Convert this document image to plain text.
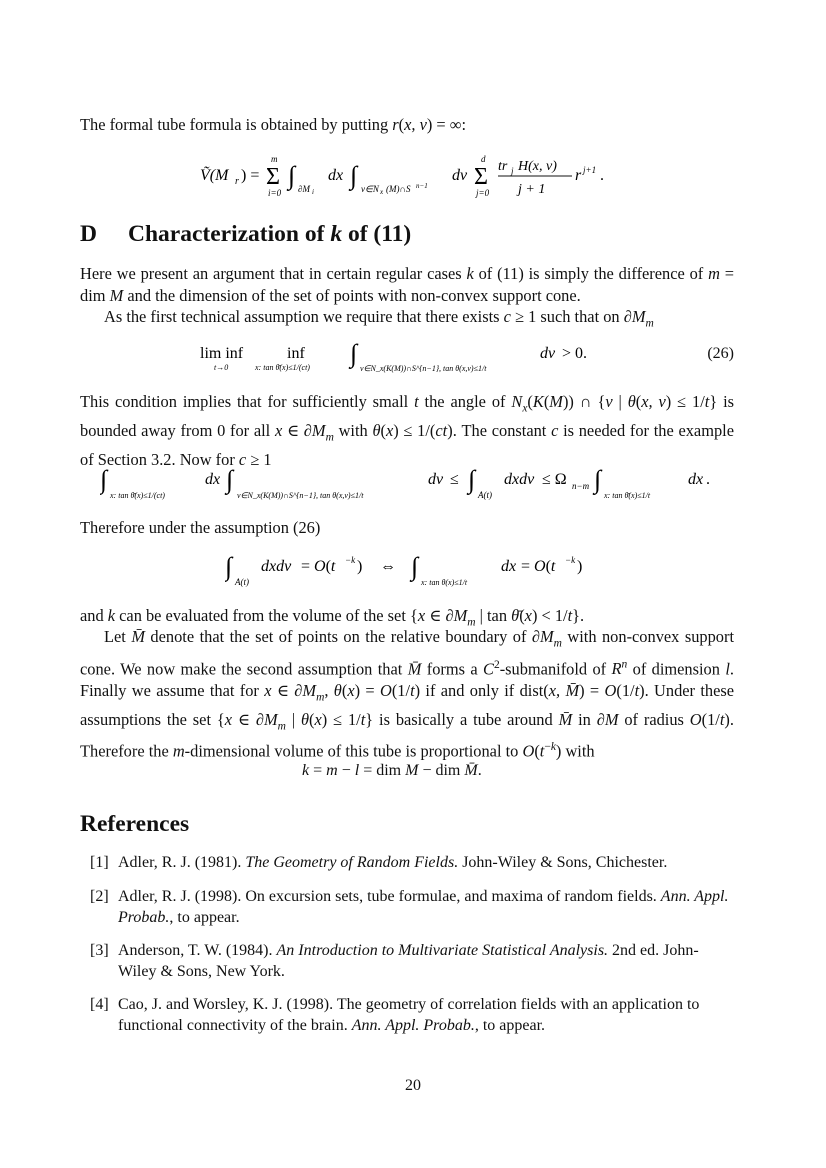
The formal tube formula is obtained by putting r(x, v) = ∞:
Ṽ(M r ) =
m
Σ
i=0
∫ ∂M i
dx ∫ v∈N x (M)∩S n−1
dv
d
Σ
j=0
tr j H(x, v)
j + 1
r j+1 .
D Characterization of k of (11)
Here we present an argument that in certain regular cases k of (11) is simply the difference of m = dim M and the dimension of the set of points with non-convex support cone.
As the first technical assumption we require that there exists c ≥ 1 such that on $\partial M_m$
lim inf
t→0
inf
x: tan θ̄(x)≤1/(ct) ∫
v∈N_x(K(M))∩S^{n−1}, tan θ(x,v)≤1/t
dv > 0.	(26)
This condition implies that for sufficiently small t the angle of $N_x(K(M))$ ∩ {v | θ(x, v) ≤ 1/t} is bounded away from 0 for all x ∈ $\partial M_m$ with θ(x) ≤ 1/(ct). The constant c is needed for the example of Section 3.2. Now for c ≥ 1
∫
x: tan θ̄(x)≤1/(ct)
dx ∫
v∈N_x(K(M))∩S^{n−1}, tan θ(x,v)≤1/t
dv ≤ ∫
A(t)
dxdv ≤ Ω n−m ∫
x: tan θ̄(x)≤1/t
dx .
Therefore under the assumption (26)
∫
A(t)
dxdv = O(t −k ) ⇔ ∫
x: tan θ(x)≤1/t
dx = O(t −k )
and k can be evaluated from the volume of the set {x ∈ $\partial M_m$ | tan θ̄(x) < 1/t}.
Let M̄ denote that the set of points on the relative boundary of $\partial M_m$ with non-convex support cone. We now make the second assumption that M̄ forms a $C^2$-submanifold of $R^n$ of dimension l. Finally we assume that for x ∈ $\partial M_m$, θ(x) = O(1/t) if and only if dist(x, M̄) = O(1/t). Under these assumptions the set {x ∈ $\partial M_m$ | θ(x) ≤ 1/t} is basically a tube around M̄ in ∂M of radius O(1/t). Therefore the m-dimensional volume of this tube is proportional to $O(t^{-k})$ with
k = m − l = dim M − dim M̄.
References
[1] Adler, R. J. (1981). The Geometry of Random Fields. John-Wiley & Sons, Chichester.
[2] Adler, R. J. (1998). On excursion sets, tube formulae, and maxima of random fields. Ann. Appl. Probab., to appear.
[3] Anderson, T. W. (1984). An Introduction to Multivariate Statistical Analysis. 2nd ed. John-Wiley & Sons, New York.
[4] Cao, J. and Worsley, K. J. (1998). The geometry of correlation fields with an application to functional connectivity of the brain. Ann. Appl. Probab., to appear.
20
